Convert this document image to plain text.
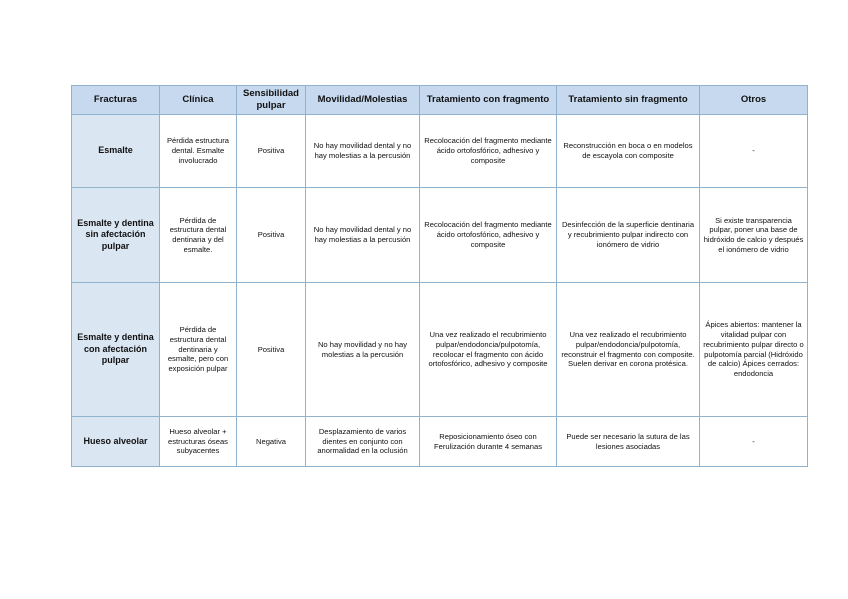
Fracturas	Clínica	Sensibilidad pulpar	Movilidad/Molestias	Tratamiento con fragmento	Tratamiento sin fragmento	Otros
Esmalte	Pérdida estructura dental. Esmalte involucrado	Positiva	No hay movilidad dental y no hay molestias a la percusión	Recolocación del fragmento mediante ácido ortofosfórico, adhesivo y composite	Reconstrucción en boca o en modelos de escayola con composite	-
Esmalte y dentina sin afectación pulpar	Pérdida de estructura dental dentinaria y del esmalte.	Positiva	No hay movilidad dental y no hay molestias a la percusión	Recolocación del fragmento mediante ácido ortofosfórico, adhesivo y composite	Desinfección de la superficie dentinaria y recubrimiento pulpar indirecto con ionómero de vidrio	Si existe transparencia pulpar, poner una base de hidróxido de calcio y después el ionómero de vidrio
Esmalte y dentina con afectación pulpar	Pérdida de estructura dental dentinaria y esmalte, pero con exposición pulpar	Positiva	No hay movilidad y no hay molestias a la percusión	Una vez realizado el recubrimiento pulpar/endodoncia/pulpotomía, recolocar el fragmento con ácido ortofosfórico, adhesivo y composite	Una vez realizado el recubrimiento pulpar/endodoncia/pulpotomía, reconstruir el fragmento con composite. Suelen derivar en corona protésica.	Ápices abiertos: mantener la vitalidad pulpar con recubrimiento pulpar directo o pulpotomía parcial (Hidróxido de calcio) Ápices cerrados: endodoncia
Hueso alveolar	Hueso alveolar + estructuras óseas subyacentes	Negativa	Desplazamiento de varios dientes en conjunto con anormalidad en la oclusión	Reposicionamiento óseo con Ferulización durante 4 semanas	Puede ser necesario la sutura de las lesiones asociadas	-
